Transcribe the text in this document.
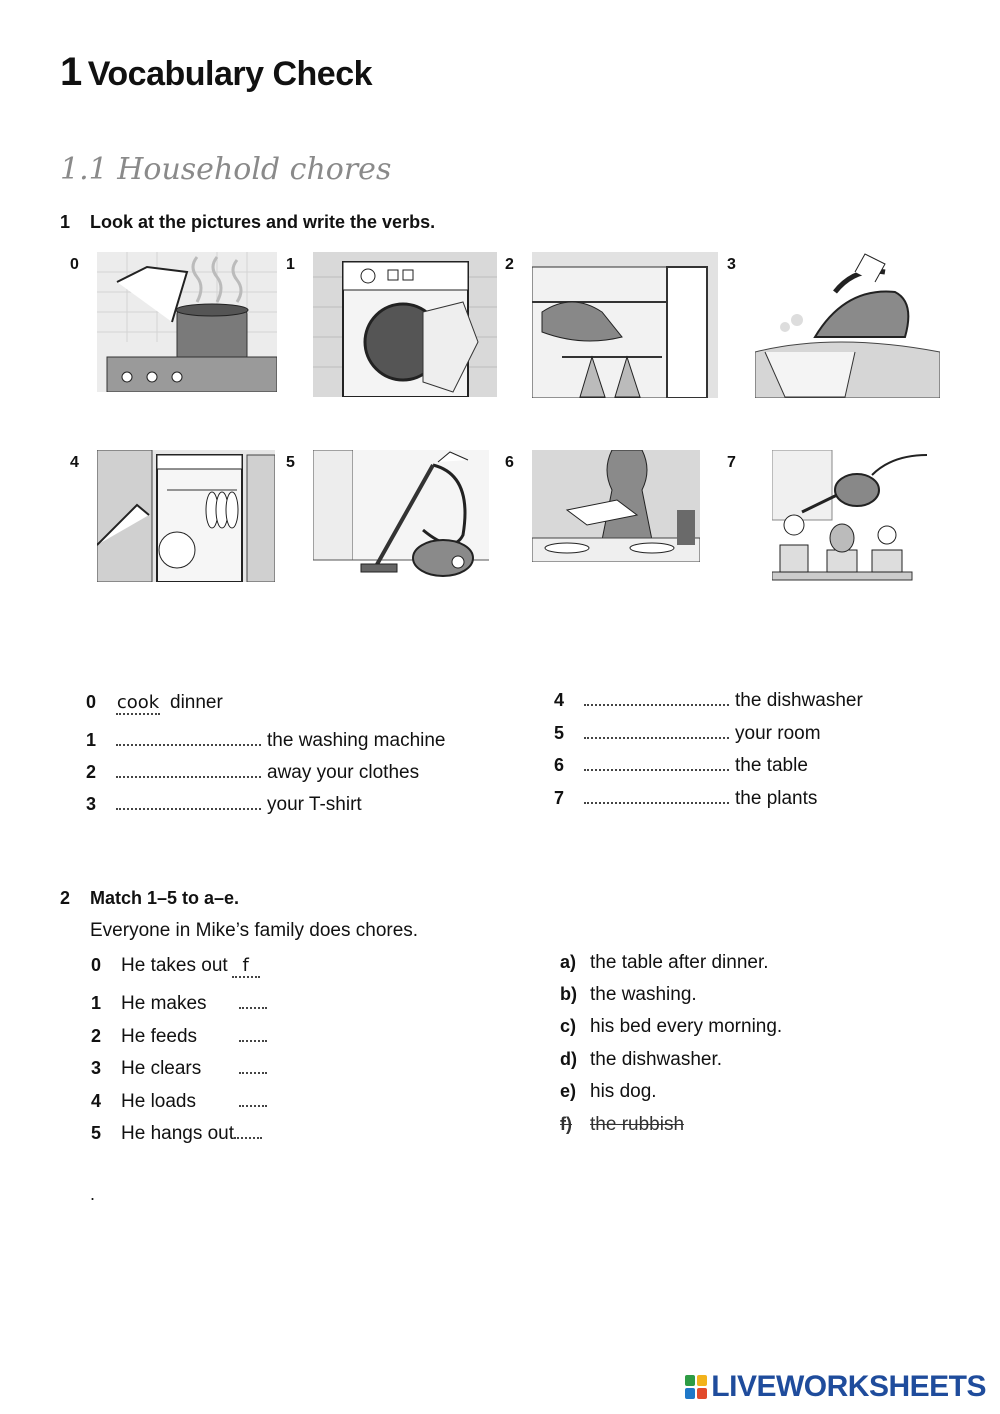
1 Vocabulary Check
1.1 Household chores
1 Look at the pictures and write the verbs.
0	1	2	3
4	5	6	7
0	cook dinner
1	the washing machine
2	away your clothes
3	your T-shirt
4	the dishwasher
5	your room
6	the table
7	the plants
2 Match 1–5 to a–e.
Everyone in Mike’s family does chores.
0	He takes out f
1	He makes
2	He feeds
3	He clears
4	He loads
5	He hangs out
a) the table after dinner.
b) the washing.
c) his bed every morning.
d) the dishwasher.
e) his dog.
f) the rubbish
.
LIVEWORKSHEETS
